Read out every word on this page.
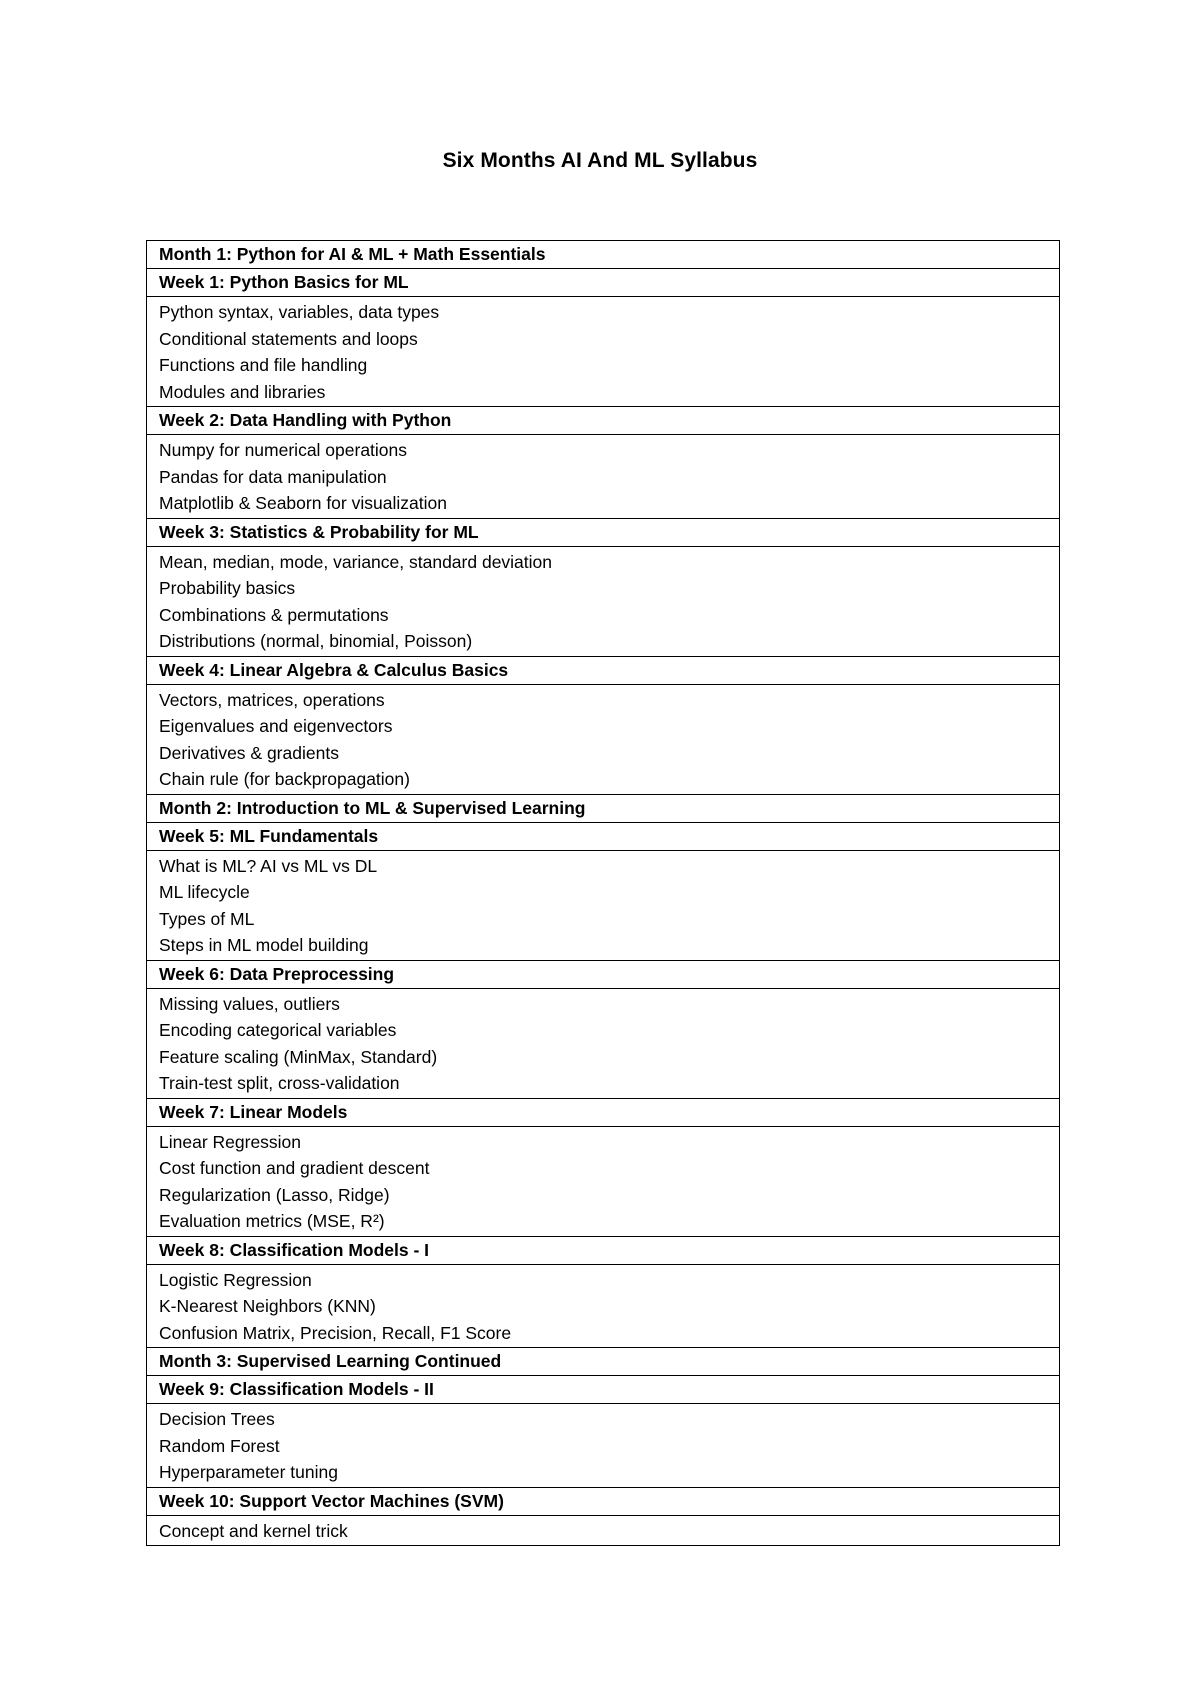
Six Months AI And ML Syllabus
Month 1: Python for AI & ML + Math Essentials
Week 1: Python Basics for ML
Python syntax, variables, data types
Conditional statements and loops
Functions and file handling
Modules and libraries
Week 2: Data Handling with Python
Numpy for numerical operations
Pandas for data manipulation
Matplotlib & Seaborn for visualization
Week 3: Statistics & Probability for ML
Mean, median, mode, variance, standard deviation
Probability basics
Combinations & permutations
Distributions (normal, binomial, Poisson)
Week 4: Linear Algebra & Calculus Basics
Vectors, matrices, operations
Eigenvalues and eigenvectors
Derivatives & gradients
Chain rule (for backpropagation)
Month 2: Introduction to ML & Supervised Learning
Week 5: ML Fundamentals
What is ML? AI vs ML vs DL
ML lifecycle
Types of ML
Steps in ML model building
Week 6: Data Preprocessing
Missing values, outliers
Encoding categorical variables
Feature scaling (MinMax, Standard)
Train-test split, cross-validation
Week 7: Linear Models
Linear Regression
Cost function and gradient descent
Regularization (Lasso, Ridge)
Evaluation metrics (MSE, R²)
Week 8: Classification Models - I
Logistic Regression
K-Nearest Neighbors (KNN)
Confusion Matrix, Precision, Recall, F1 Score
Month 3: Supervised Learning Continued
Week 9: Classification Models - II
Decision Trees
Random Forest
Hyperparameter tuning
Week 10: Support Vector Machines (SVM)
Concept and kernel trick
